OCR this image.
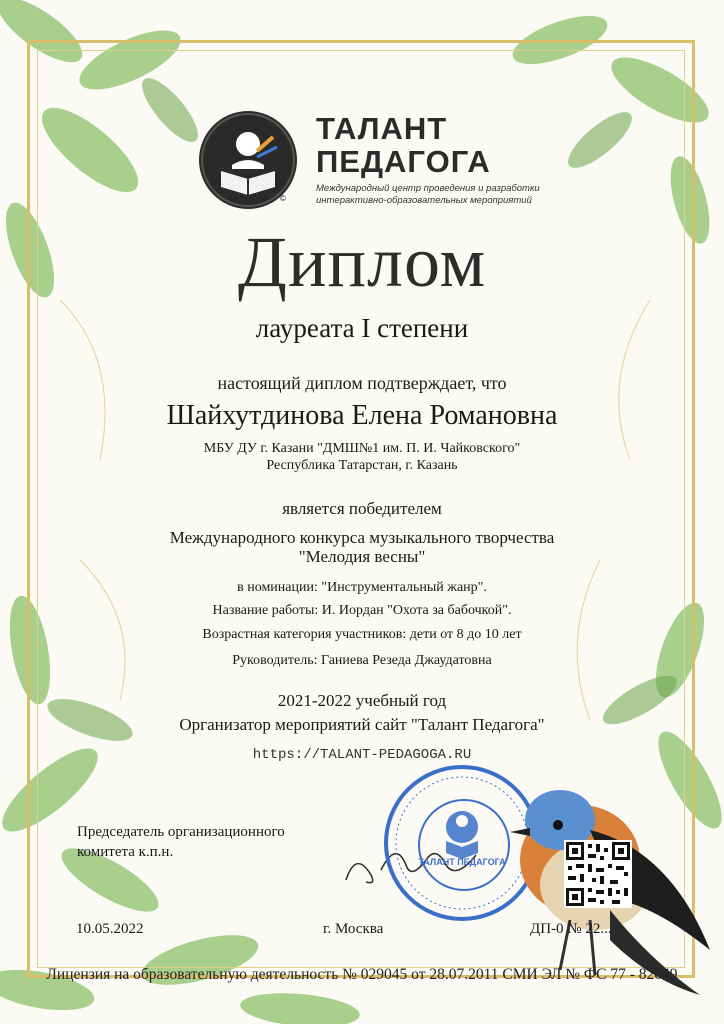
ТАЛАНТ
ПЕДАГОГА
Международный центр проведения и разработки
интерактивно-образовательных мероприятий
©
Диплом
лауреата I степени
настоящий диплом подтверждает, что
Шайхутдинова Елена Романовна
МБУ ДУ г. Казани "ДМШ№1 им. П. И. Чайковского"
Республика Татарстан, г. Казань
является победителем
Международного конкурса музыкального творчества
"Мелодия весны"
в номинации: "Инструментальный жанр".
Название работы: И. Иордан "Охота за бабочкой".
Возрастная категория участников: дети от 8 до 10 лет
Руководитель: Ганиева Резеда Джаудатовна
2021-2022 учебный год
Организатор мероприятий сайт "Талант Педагога"
https://TALANT-PEDAGOGA.RU
Председатель организационного
комитета к.п.н.
ТАЛАНТ ПЕДАГОГА
10.05.2022	г. Москва	ДП-0 № 22...
Лицензия на образовательную деятельность № 029045 от 28.07.2011 СМИ ЭЛ № ФС 77 - 82049
